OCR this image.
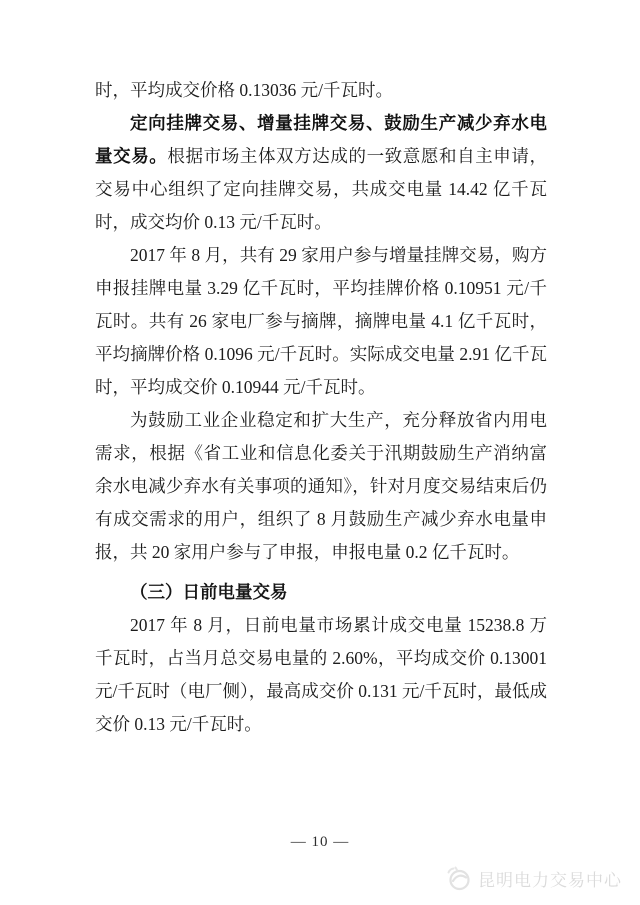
时，平均成交价格 0.13036 元/千瓦时。

定向挂牌交易、增量挂牌交易、鼓励生产减少弃水电量交易。根据市场主体双方达成的一致意愿和自主申请，交易中心组织了定向挂牌交易，共成交电量 14.42 亿千瓦时，成交均价 0.13 元/千瓦时。

2017 年 8 月，共有 29 家用户参与增量挂牌交易，购方申报挂牌电量 3.29 亿千瓦时，平均挂牌价格 0.10951 元/千瓦时。共有 26 家电厂参与摘牌，摘牌电量 4.1 亿千瓦时，平均摘牌价格 0.1096 元/千瓦时。实际成交电量 2.91 亿千瓦时，平均成交价 0.10944 元/千瓦时。

为鼓励工业企业稳定和扩大生产，充分释放省内用电需求，根据《省工业和信息化委关于汛期鼓励生产消纳富余水电减少弃水有关事项的通知》，针对月度交易结束后仍有成交需求的用户，组织了 8 月鼓励生产减少弃水电量申报，共 20 家用户参与了申报，申报电量 0.2 亿千瓦时。

（三）日前电量交易

2017 年 8 月，日前电量市场累计成交电量 15238.8 万千瓦时，占当月总交易电量的 2.60%，平均成交价 0.13001 元/千瓦时（电厂侧），最高成交价 0.131 元/千瓦时，最低成交价 0.13 元/千瓦时。

— 10 —
昆明电力交易中心
